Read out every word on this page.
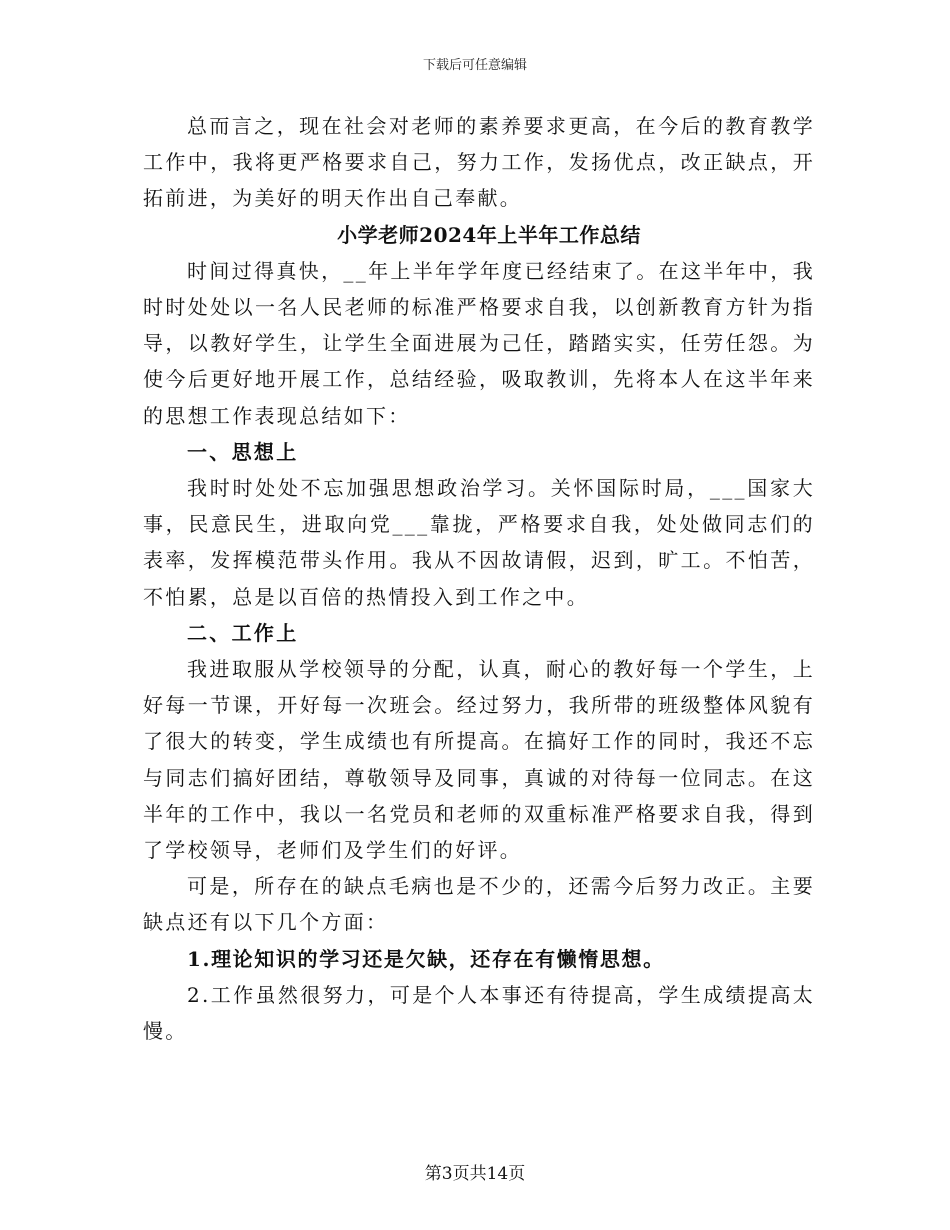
下载后可任意编辑

总而言之，现在社会对老师的素养要求更高，在今后的教育教学工作中，我将更严格要求自己，努力工作，发扬优点，改正缺点，开拓前进，为美好的明天作出自己奉献。

小学老师2024年上半年工作总结

时间过得真快，__年上半年学年度已经结束了。在这半年中，我时时处处以一名人民老师的标准严格要求自我，以创新教育方针为指导，以教好学生，让学生全面进展为己任，踏踏实实，任劳任怨。为使今后更好地开展工作，总结经验，吸取教训，先将本人在这半年来的思想工作表现总结如下：

一、思想上

我时时处处不忘加强思想政治学习。关怀国际时局，___国家大事，民意民生，进取向党___靠拢，严格要求自我，处处做同志们的表率，发挥模范带头作用。我从不因故请假，迟到，旷工。不怕苦，不怕累，总是以百倍的热情投入到工作之中。

二、工作上

我进取服从学校领导的分配，认真，耐心的教好每一个学生，上好每一节课，开好每一次班会。经过努力，我所带的班级整体风貌有了很大的转变，学生成绩也有所提高。在搞好工作的同时，我还不忘与同志们搞好团结，尊敬领导及同事，真诚的对待每一位同志。在这半年的工作中，我以一名党员和老师的双重标准严格要求自我，得到了学校领导，老师们及学生们的好评。

可是，所存在的缺点毛病也是不少的，还需今后努力改正。主要缺点还有以下几个方面：

1.理论知识的学习还是欠缺，还存在有懒惰思想。

2.工作虽然很努力，可是个人本事还有待提高，学生成绩提高太慢。

第3页共14页
